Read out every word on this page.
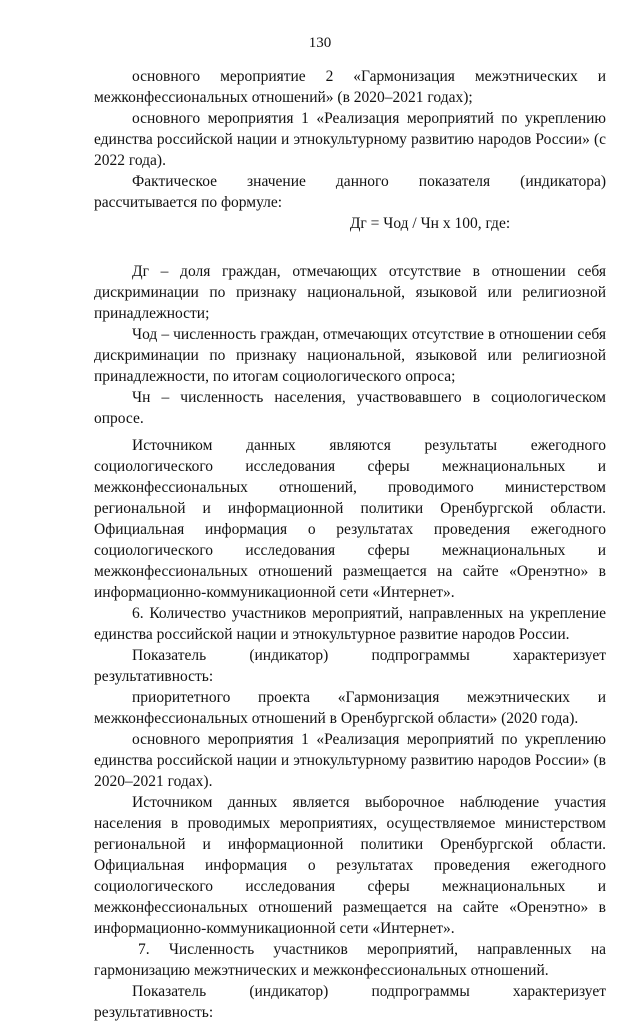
130

основного мероприятие 2 «Гармонизация межэтнических и межконфессиональных отношений» (в 2020–2021 годах);

основного мероприятия 1 «Реализация мероприятий по укреплению единства российской нации и этнокультурному развитию народов России» (с 2022 года).

Фактическое значение данного показателя (индикатора) рассчитывается по формуле:

Дг = Чод / Чн х 100, где:

Дг – доля граждан, отмечающих отсутствие в отношении себя дискриминации по признаку национальной, языковой или религиозной принадлежности;

Чод – численность граждан, отмечающих отсутствие в отношении себя дискриминации по признаку национальной, языковой или религиозной принадлежности, по итогам социологического опроса;

Чн – численность населения, участвовавшего в социологическом опросе.

Источником данных являются результаты ежегодного социологического исследования сферы межнациональных и межконфессиональных отношений, проводимого министерством региональной и информационной политики Оренбургской области. Официальная информация о результатах проведения ежегодного социологического исследования сферы межнациональных и межконфессиональных отношений размещается на сайте «Оренэтно» в информационно-коммуникационной сети «Интернет».

6. Количество участников мероприятий, направленных на укрепление единства российской нации и этнокультурное развитие народов России.

Показатель (индикатор) подпрограммы характеризует результативность:

приоритетного проекта «Гармонизация межэтнических и межконфессиональных отношений в Оренбургской области» (2020 года).

основного мероприятия 1 «Реализация мероприятий по укреплению единства российской нации и этнокультурному развитию народов России» (в 2020–2021 годах).

Источником данных является выборочное наблюдение участия населения в проводимых мероприятиях, осуществляемое министерством региональной и информационной политики Оренбургской области. Официальная информация о результатах проведения ежегодного социологического исследования сферы межнациональных и межконфессиональных отношений размещается на сайте «Оренэтно» в информационно-коммуникационной сети «Интернет».

7. Численность участников мероприятий, направленных на гармонизацию межэтнических и межконфессиональных отношений.

Показатель (индикатор) подпрограммы характеризует результативность:
